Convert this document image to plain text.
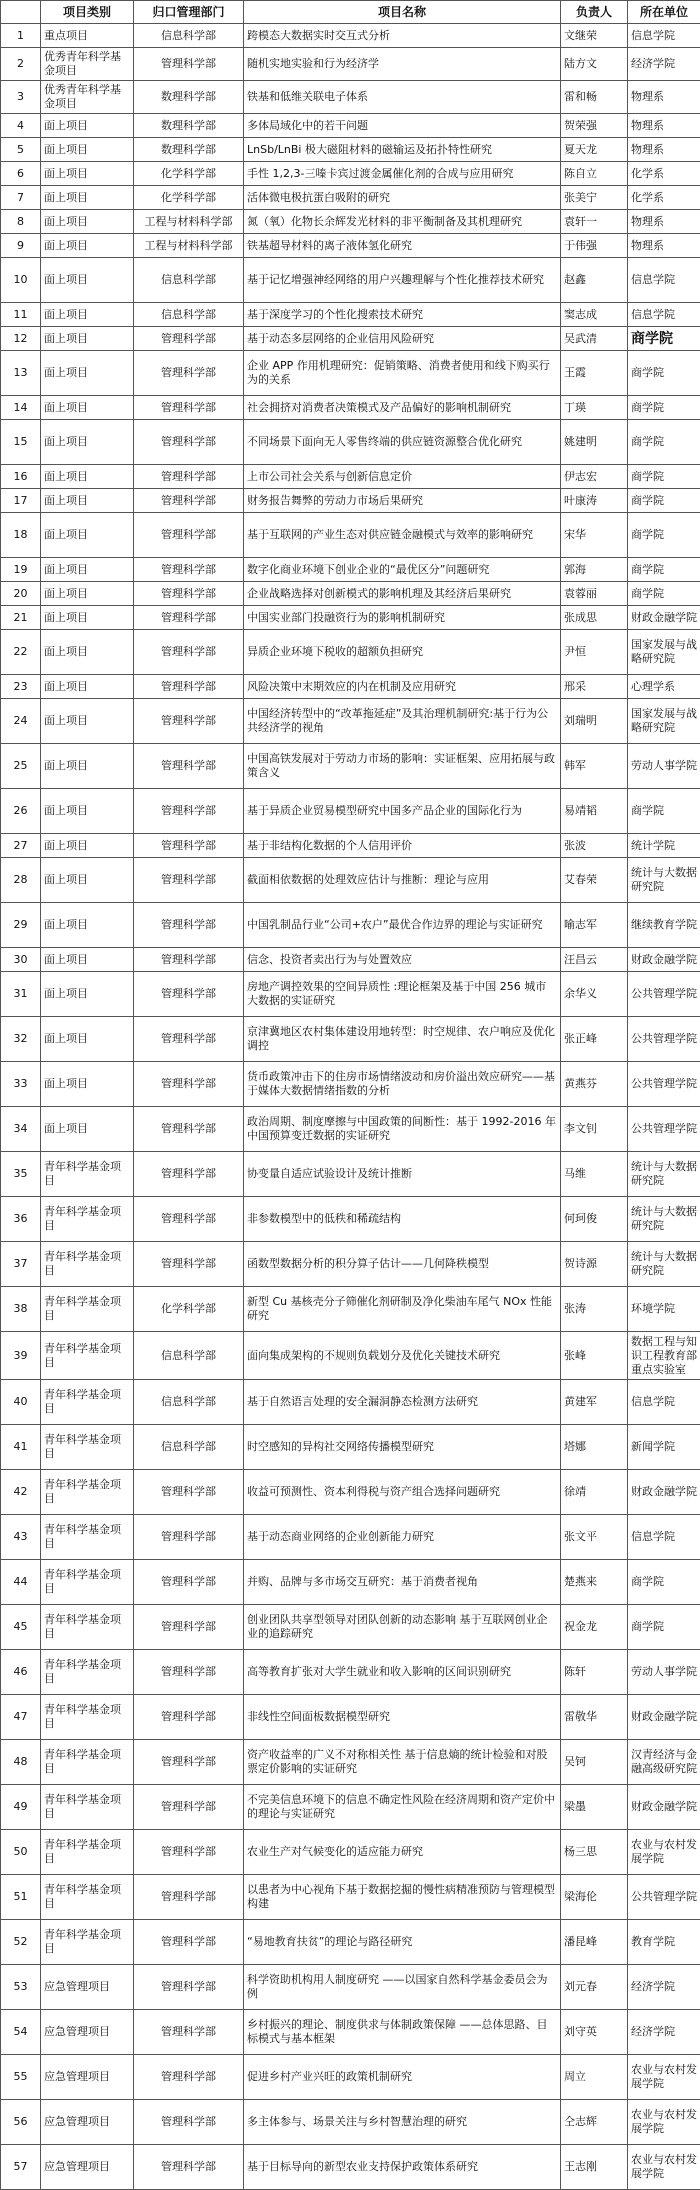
	项目类别	归口管理部门	项目名称	负责人	所在单位
1	重点项目	信息科学部	跨模态大数据实时交互式分析	文继荣	信息学院
2	优秀青年科学基金项目	管理科学部	随机实地实验和行为经济学	陆方文	经济学院
3	优秀青年科学基金项目	数理科学部	铁基和低维关联电子体系	雷和畅	物理系
4	面上项目	数理科学部	多体局域化中的若干问题	贺荣强	物理系
5	面上项目	数理科学部	LnSb/LnBi 极大磁阻材料的磁输运及拓扑特性研究	夏天龙	物理系
6	面上项目	化学科学部	手性 1,2,3-三嗪卡宾过渡金属催化剂的合成与应用研究	陈自立	化学系
7	面上项目	化学科学部	活体微电极抗蛋白吸附的研究	张美宁	化学系
8	面上项目	工程与材料科学部	氮（氧）化物长余辉发光材料的非平衡制备及其机理研究	袁轩一	物理系
9	面上项目	工程与材料科学部	铁基超导材料的离子液体氢化研究	于伟强	物理系
10	面上项目	信息科学部	基于记忆增强神经网络的用户兴趣理解与个性化推荐技术研究	赵鑫	信息学院
11	面上项目	信息科学部	基于深度学习的个性化搜索技术研究	窦志成	信息学院
12	面上项目	管理科学部	基于动态多层网络的企业信用风险研究	吴武清	商学院
13	面上项目	管理科学部	企业 APP 作用机理研究：促销策略、消费者使用和线下购买行为的关系	王霞	商学院
14	面上项目	管理科学部	社会拥挤对消费者决策模式及产品偏好的影响机制研究	丁瑛	商学院
15	面上项目	管理科学部	不同场景下面向无人零售终端的供应链资源整合优化研究	姚建明	商学院
16	面上项目	管理科学部	上市公司社会关系与创新信息定价	伊志宏	商学院
17	面上项目	管理科学部	财务报告舞弊的劳动力市场后果研究	叶康涛	商学院
18	面上项目	管理科学部	基于互联网的产业生态对供应链金融模式与效率的影响研究	宋华	商学院
19	面上项目	管理科学部	数字化商业环境下创业企业的“最优区分”问题研究	郭海	商学院
20	面上项目	管理科学部	企业战略选择对创新模式的影响机理及其经济后果研究	袁蓉丽	商学院
21	面上项目	管理科学部	中国实业部门投融资行为的影响机制研究	张成思	财政金融学院
22	面上项目	管理科学部	异质企业环境下税收的超额负担研究	尹恒	国家发展与战略研究院
23	面上项目	管理科学部	风险决策中末期效应的内在机制及应用研究	邢采	心理学系
24	面上项目	管理科学部	中国经济转型中的“改革拖延症”及其治理机制研究:基于行为公共经济学的视角	刘瑞明	国家发展与战略研究院
25	面上项目	管理科学部	中国高铁发展对于劳动力市场的影响：实证框架、应用拓展与政策含义	韩军	劳动人事学院
26	面上项目	管理科学部	基于异质企业贸易模型研究中国多产品企业的国际化行为	易靖韬	商学院
27	面上项目	管理科学部	基于非结构化数据的个人信用评价	张波	统计学院
28	面上项目	管理科学部	截面相依数据的处理效应估计与推断：理论与应用	艾春荣	统计与大数据研究院
29	面上项目	管理科学部	中国乳制品行业“公司+农户”最优合作边界的理论与实证研究	喻志军	继续教育学院
30	面上项目	管理科学部	信念、投资者卖出行为与处置效应	汪昌云	财政金融学院
31	面上项目	管理科学部	房地产调控效果的空间异质性 :理论框架及基于中国 256 城市大数据的实证研究	余华义	公共管理学院
32	面上项目	管理科学部	京津冀地区农村集体建设用地转型：时空规律、农户响应及优化调控	张正峰	公共管理学院
33	面上项目	管理科学部	货币政策冲击下的住房市场情绪波动和房价溢出效应研究——基于媒体大数据情绪指数的分析	黄燕芬	公共管理学院
34	面上项目	管理科学部	政治周期、制度摩擦与中国政策的间断性：基于 1992-2016 年中国预算变迁数据的实证研究	李文钊	公共管理学院
35	青年科学基金项目	管理科学部	协变量自适应试验设计及统计推断	马维	统计与大数据研究院
36	青年科学基金项目	管理科学部	非参数模型中的低秩和稀疏结构	何珂俊	统计与大数据研究院
37	青年科学基金项目	管理科学部	函数型数据分析的积分算子估计——几何降秩模型	贺诗源	统计与大数据研究院
38	青年科学基金项目	化学科学部	新型 Cu 基核壳分子筛催化剂研制及净化柴油车尾气 NOx 性能研究	张涛	环境学院
39	青年科学基金项目	信息科学部	面向集成架构的不规则负载划分及优化关键技术研究	张峰	数据工程与知识工程教育部重点实验室
40	青年科学基金项目	信息科学部	基于自然语言处理的安全漏洞静态检测方法研究	黄建军	信息学院
41	青年科学基金项目	信息科学部	时空感知的异构社交网络传播模型研究	塔娜	新闻学院
42	青年科学基金项目	管理科学部	收益可预测性、资本利得税与资产组合选择问题研究	徐靖	财政金融学院
43	青年科学基金项目	管理科学部	基于动态商业网络的企业创新能力研究	张文平	信息学院
44	青年科学基金项目	管理科学部	并购、品牌与多市场交互研究：基于消费者视角	楚燕来	商学院
45	青年科学基金项目	管理科学部	创业团队共享型领导对团队创新的动态影响 基于互联网创业企业的追踪研究	祝金龙	商学院
46	青年科学基金项目	管理科学部	高等教育扩张对大学生就业和收入影响的区间识别研究	陈轩	劳动人事学院
47	青年科学基金项目	管理科学部	非线性空间面板数据模型研究	雷敬华	财政金融学院
48	青年科学基金项目	管理科学部	资产收益率的广义不对称相关性 基于信息熵的统计检验和对股票定价影响的实证研究	吴钶	汉青经济与金融高级研究院
49	青年科学基金项目	管理科学部	不完美信息环境下的信息不确定性风险在经济周期和资产定价中的理论与实证研究	梁墨	财政金融学院
50	青年科学基金项目	管理科学部	农业生产对气候变化的适应能力研究	杨三思	农业与农村发展学院
51	青年科学基金项目	管理科学部	以患者为中心视角下基于数据挖掘的慢性病精准预防与管理模型构建	梁海伦	公共管理学院
52	青年科学基金项目	管理科学部	“易地教育扶贫”的理论与路径研究	潘昆峰	教育学院
53	应急管理项目	管理科学部	科学资助机构用人制度研究 ——以国家自然科学基金委员会为例	刘元春	经济学院
54	应急管理项目	管理科学部	乡村振兴的理论、制度供求与体制政策保障 ——总体思路、目标模式与基本框架	刘守英	经济学院
55	应急管理项目	管理科学部	促进乡村产业兴旺的政策机制研究	周立	农业与农村发展学院
56	应急管理项目	管理科学部	多主体参与、场景关注与乡村智慧治理的研究	仝志辉	农业与农村发展学院
57	应急管理项目	管理科学部	基于目标导向的新型农业支持保护政策体系研究	王志刚	农业与农村发展学院
